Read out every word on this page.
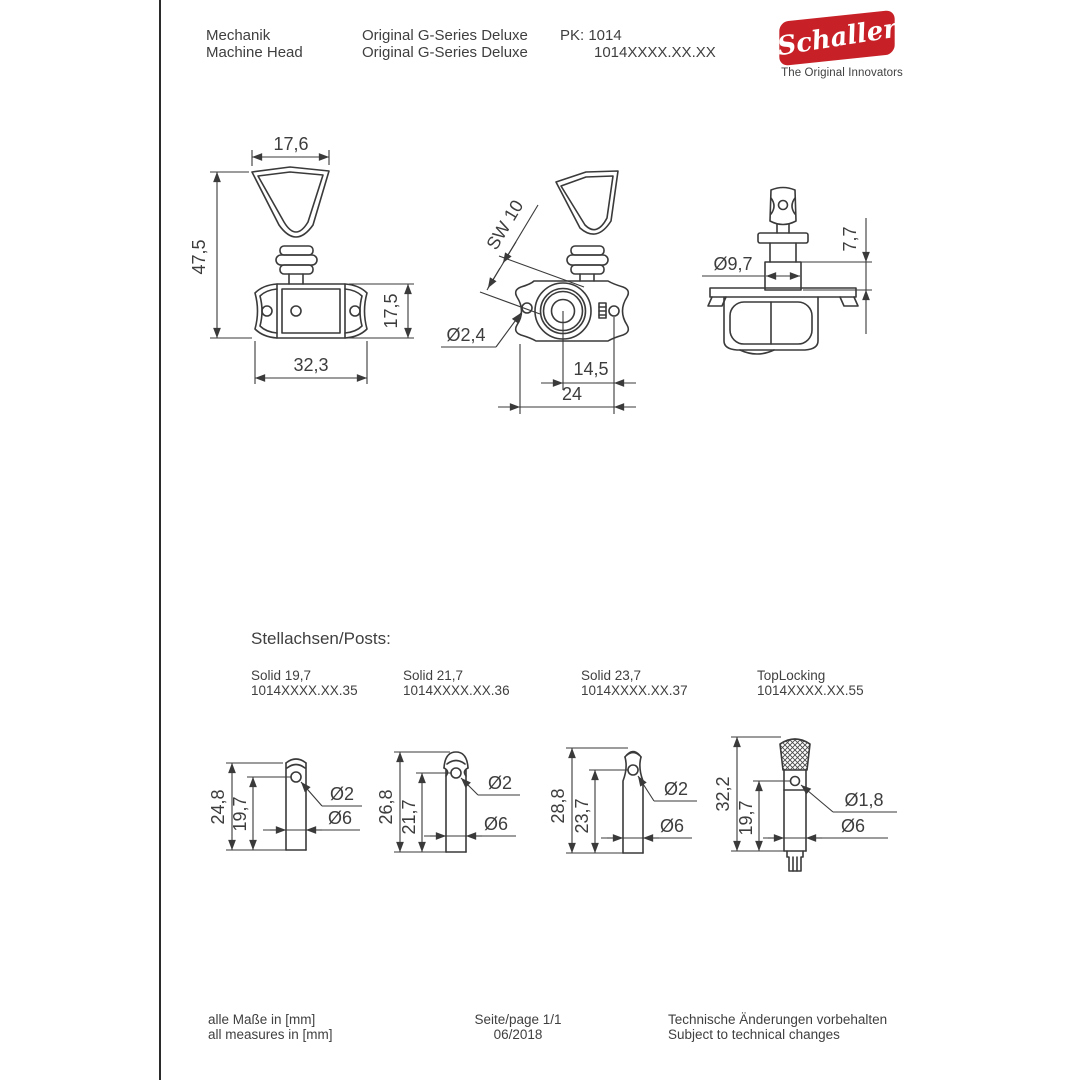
Mechanik
Machine Head
Original G-Series Deluxe
Original G-Series Deluxe
PK: 1014
1014XXXX.XX.XX Schaller
The Original Innovators
Stellachsen/Posts:
Solid 19,7
1014XXXX.XX.35
Solid 21,7
1014XXXX.XX.36
Solid 23,7
1014XXXX.XX.37
TopLocking
1014XXXX.XX.55
alle Maße in [mm]
all measures in [mm]
Seite/page 1/1
06/2018
Technische Änderungen vorbehalten
Subject to technical changes
17,6
47,5
17,5
32,3
SW 10
Ø2,4
14,5
24
Ø9,7
7,7
24,8 19,7
Ø2
Ø6 26,8 21,7
Ø2
Ø6
28,8 23,7
Ø2
Ø6
32,2
19,7
Ø1,8
Ø6
